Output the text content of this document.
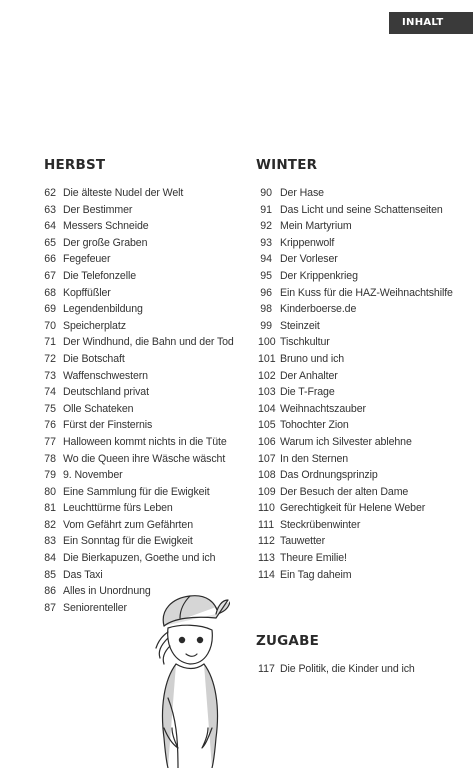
INHALT
HERBST
62 Die älteste Nudel der Welt
63 Der Bestimmer
64 Messers Schneide
65 Der große Graben
66 Fegefeuer
67 Die Telefonzelle
68 Kopffüßler
69 Legendenbildung
70 Speicherplatz
71 Der Windhund, die Bahn und der Tod
72 Die Botschaft
73 Waffenschwestern
74 Deutschland privat
75 Olle Schateken
76 Fürst der Finsternis
77 Halloween kommt nichts in die Tüte
78 Wo die Queen ihre Wäsche wäscht
79 9. November
80 Eine Sammlung für die Ewigkeit
81 Leuchttürme fürs Leben
82 Vom Gefährt zum Gefährten
83 Ein Sonntag für die Ewigkeit
84 Die Bierkapuzen, Goethe und ich
85 Das Taxi
86 Alles in Unordnung
87 Seniorenteller
WINTER
90 Der Hase
91 Das Licht und seine Schattenseiten
92 Mein Martyrium
93 Krippenwolf
94 Der Vorleser
95 Der Krippenkrieg
96 Ein Kuss für die HAZ-Weihnachtshilfe
98 Kinderboerse.de
99 Steinzeit
100 Tischkultur
101 Bruno und ich
102 Der Anhalter
103 Die T-Frage
104 Weihnachtszauber
105 Tohochter Zion
106 Warum ich Silvester ablehne
107 In den Sternen
108 Das Ordnungsprinzip
109 Der Besuch der alten Dame
110 Gerechtigkeit für Helene Weber
111 Steckrübenwinter
112 Tauwetter
113 Theure Emilie!
114 Ein Tag daheim
ZUGABE
117 Die Politik, die Kinder und ich
